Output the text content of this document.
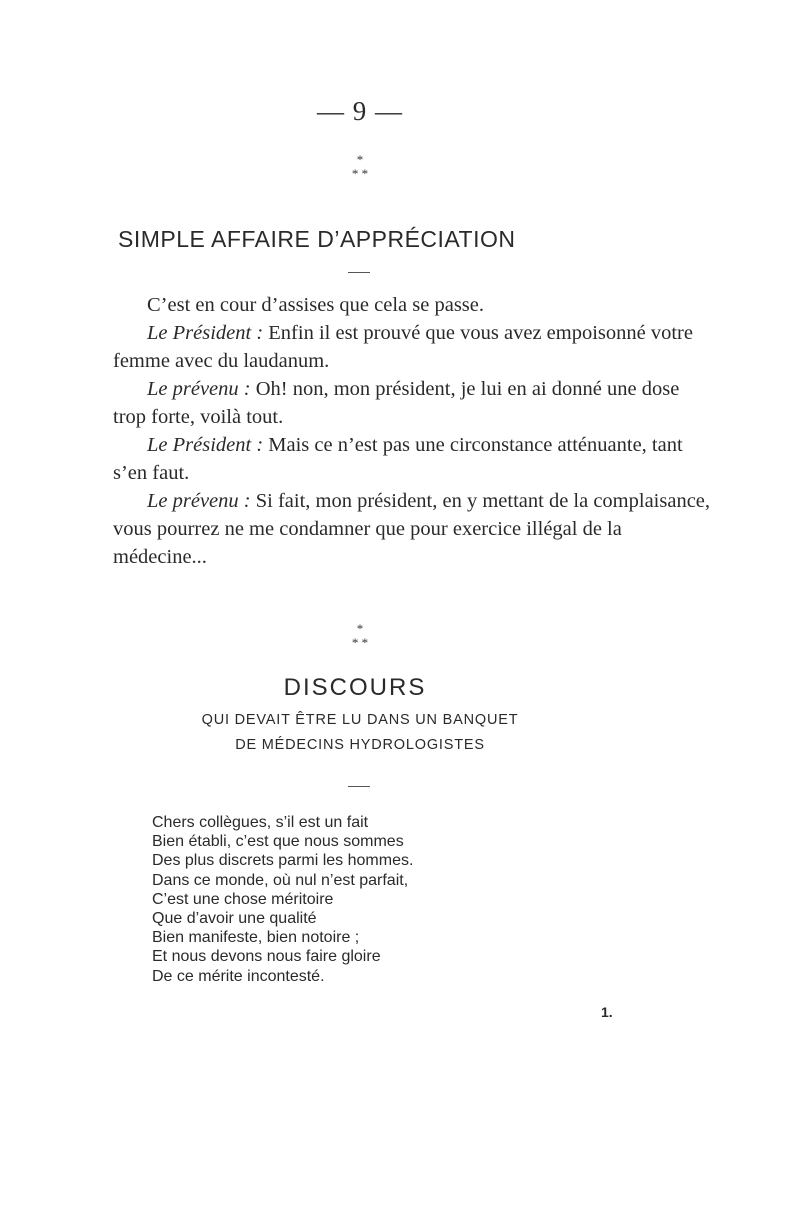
— 9 —
*
* *
SIMPLE AFFAIRE D’APPRÉCIATION

C’est en cour d’assises que cela se passe.

Le Président : Enfin il est prouvé que vous avez empoisonné votre femme avec du laudanum.

Le prévenu : Oh! non, mon président, je lui en ai donné une dose trop forte, voilà tout.

Le Président : Mais ce n’est pas une circonstance atténuante, tant s’en faut.

Le prévenu : Si fait, mon président, en y mettant de la complaisance, vous pourrez ne me condamner que pour exercice illégal de la médecine...

*
* *
DISCOURS
QUI DEVAIT ÊTRE LU DANS UN BANQUET
DE MÉDECINS HYDROLOGISTES
Chers collègues, s’il est un fait
Bien établi, c’est que nous sommes
Des plus discrets parmi les hommes.
Dans ce monde, où nul n’est parfait,
C’est une chose méritoire
Que d’avoir une qualité
Bien manifeste, bien notoire ;
Et nous devons nous faire gloire
De ce mérite incontesté.
1.
